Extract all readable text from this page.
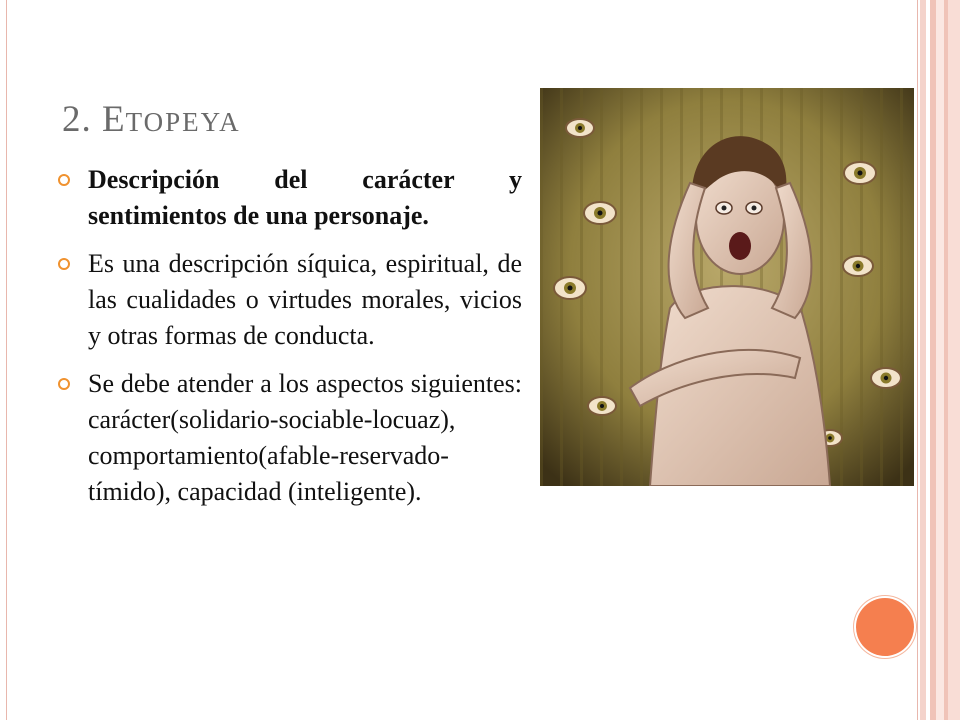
2. ETOPEYA
Descripción del carácter y sentimientos de una personaje.
Es una descripción síquica, espiritual, de las cualidades o virtudes morales, vicios y otras formas de conducta.
Se debe atender a los aspectos siguientes: carácter(solidario-sociable-locuaz), comportamiento(afable-reservado-tímido), capacidad (inteligente).
